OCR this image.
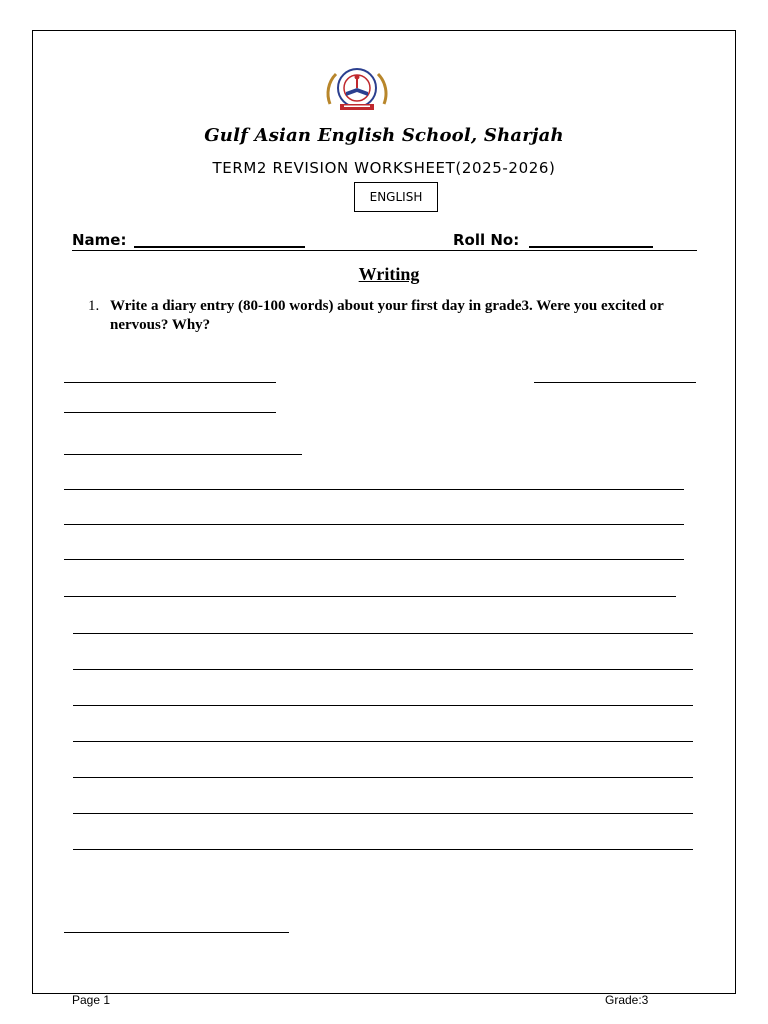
Gulf Asian English School, Sharjah
TERM2 REVISION WORKSHEET(2025-2026)
ENGLISH
Name:	Roll No:
Writing
1. Write a diary entry (80-100 words) about your first day in grade3. Were you excited or nervous? Why?
Page 1	Grade:3
